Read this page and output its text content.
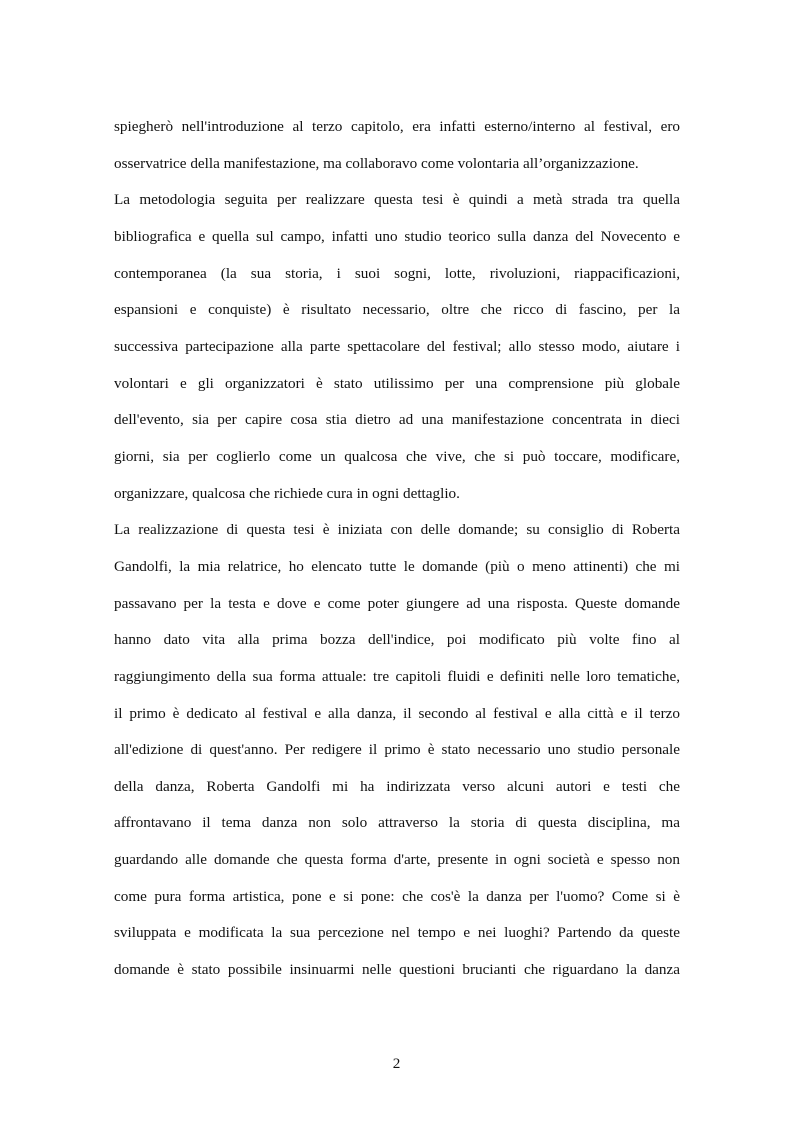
spiegherò nell'introduzione al terzo capitolo, era infatti esterno/interno al festival, ero
osservatrice della manifestazione, ma collaboravo come volontaria all’organizzazione.
La metodologia seguita per realizzare questa tesi è quindi a metà strada tra quella
bibliografica e quella sul campo, infatti uno studio teorico sulla danza del Novecento e
contemporanea (la sua storia, i suoi sogni, lotte, rivoluzioni, riappacificazioni,
espansioni e conquiste) è risultato necessario, oltre che ricco di fascino, per la
successiva partecipazione alla parte spettacolare del festival; allo stesso modo, aiutare i
volontari e gli organizzatori è stato utilissimo per una comprensione più globale
dell'evento, sia per capire cosa stia dietro ad una manifestazione concentrata in dieci
giorni, sia per coglierlo come un qualcosa che vive, che si può toccare, modificare,
organizzare, qualcosa che richiede cura in ogni dettaglio.
La realizzazione di questa tesi è iniziata con delle domande; su consiglio di Roberta
Gandolfi, la mia relatrice, ho elencato tutte le domande (più o meno attinenti) che mi
passavano per la testa e dove e come poter giungere ad una risposta. Queste domande
hanno dato vita alla prima bozza dell'indice, poi modificato più volte fino al
raggiungimento della sua forma attuale: tre capitoli fluidi e definiti nelle loro tematiche,
il primo è dedicato al festival e alla danza, il secondo al festival e alla città e il terzo
all'edizione di quest'anno. Per redigere il primo è stato necessario uno studio personale
della danza, Roberta Gandolfi mi ha indirizzata verso alcuni autori e testi che
affrontavano il tema danza non solo attraverso la storia di questa disciplina, ma
guardando alle domande che questa forma d'arte, presente in ogni società e spesso non
come pura forma artistica, pone e si pone: che cos'è la danza per l'uomo? Come si è
sviluppata e modificata la sua percezione nel tempo e nei luoghi? Partendo da queste
domande è stato possibile insinuarmi nelle questioni brucianti che riguardano la danza
2
